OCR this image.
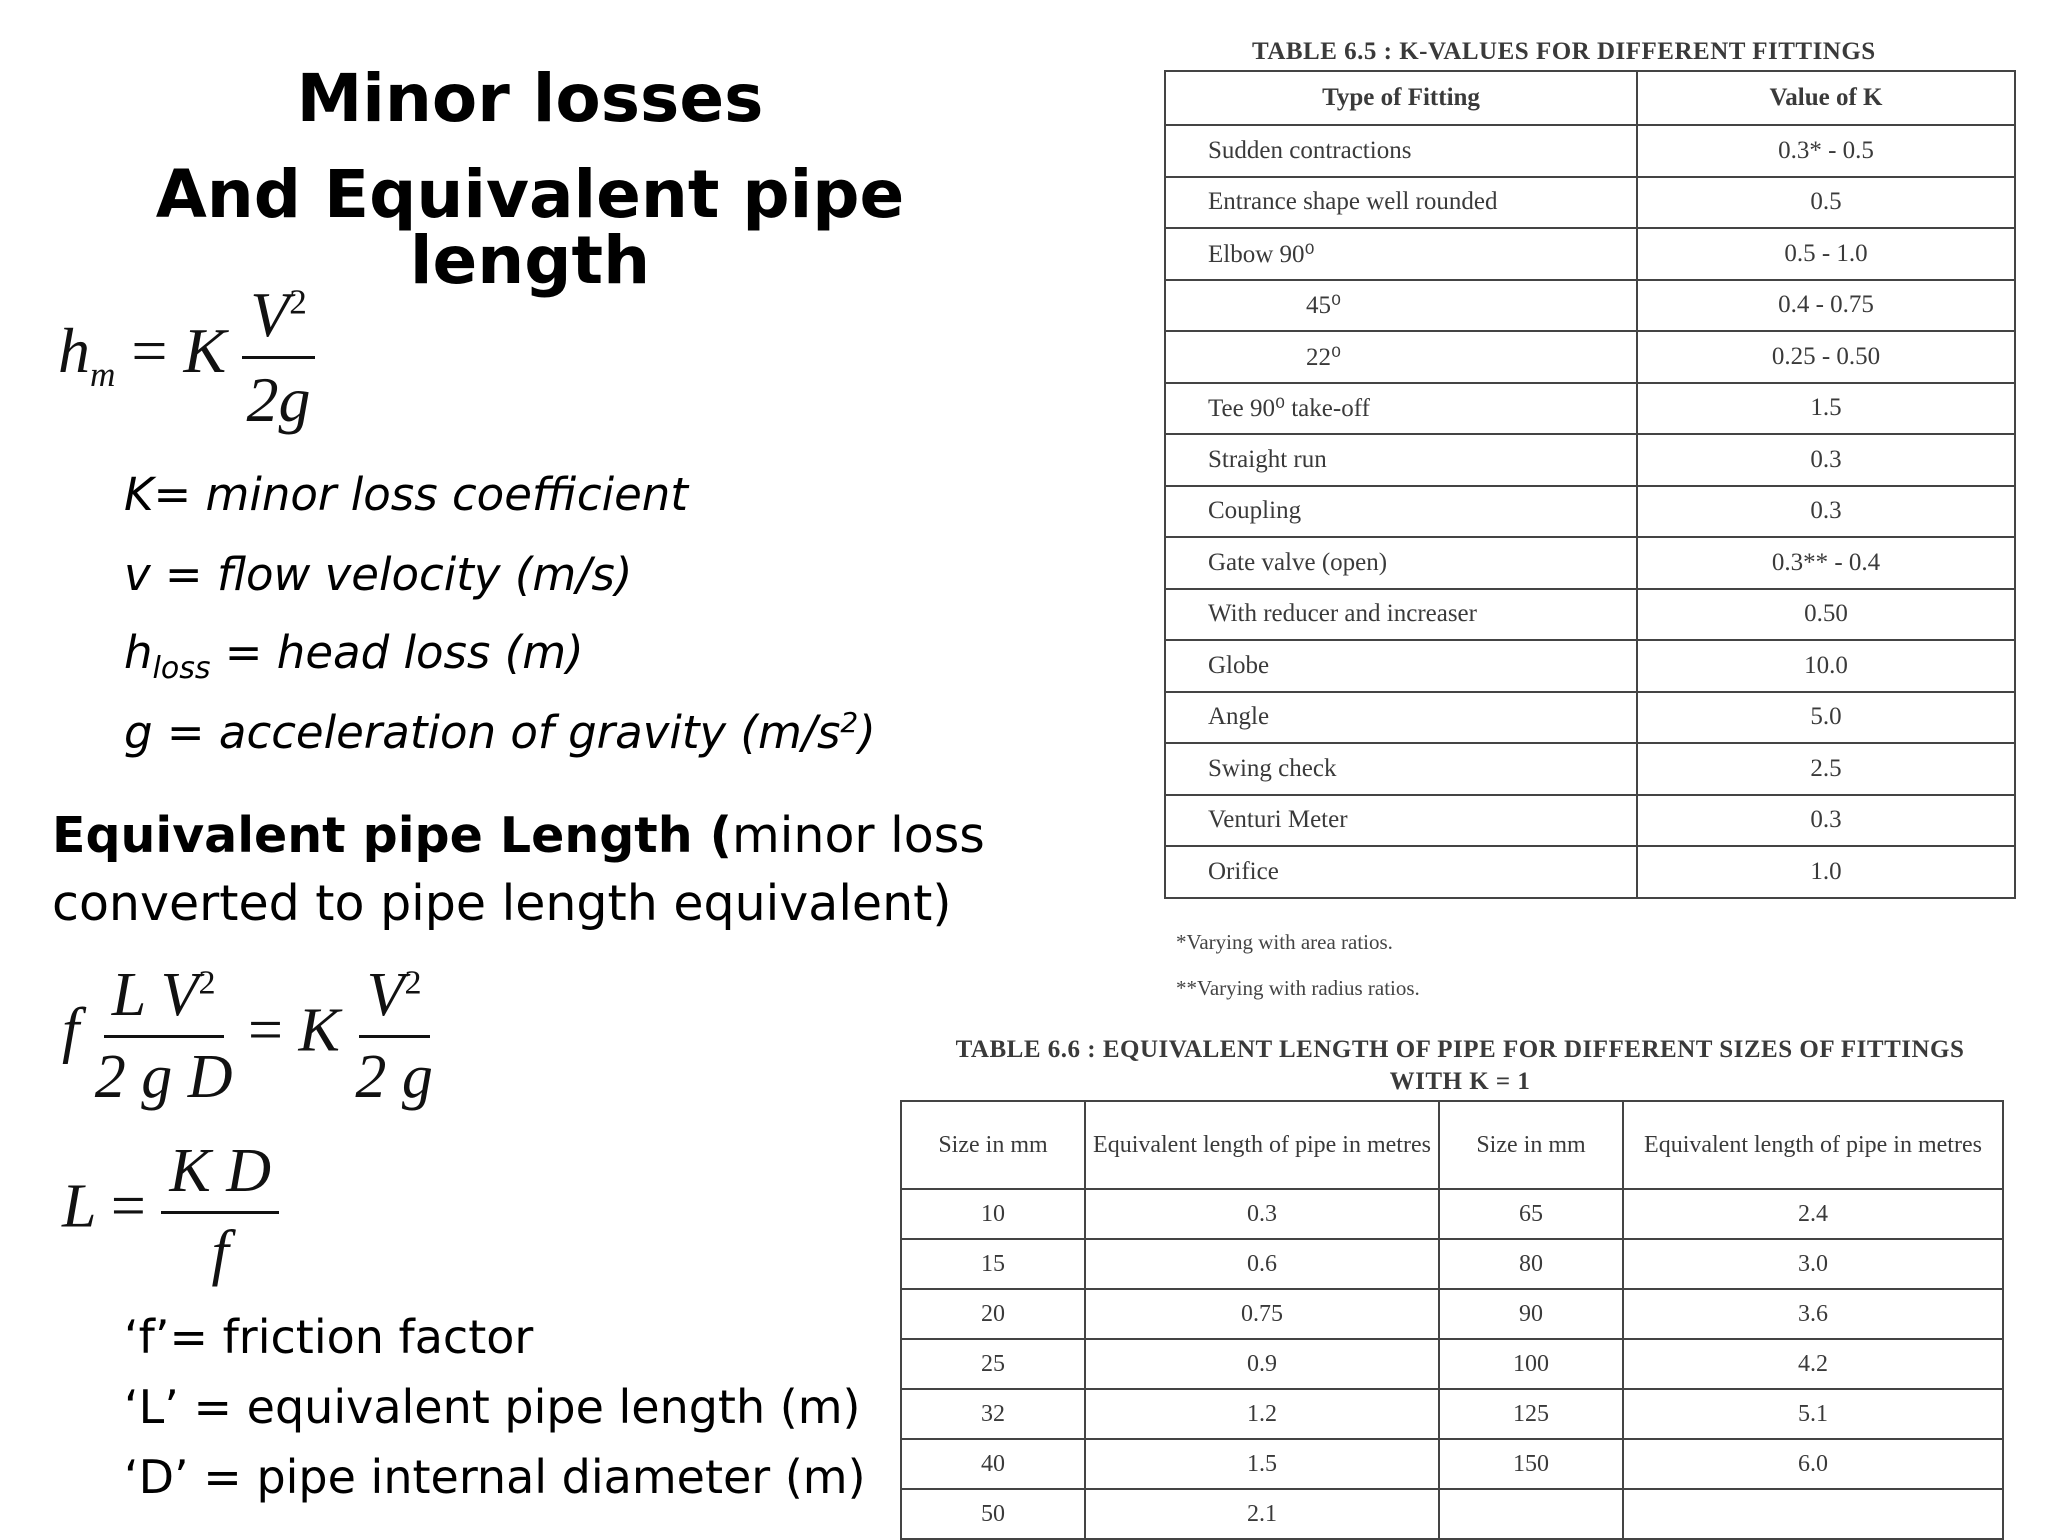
Minor losses
And Equivalent pipe length
$h_m = K \frac{V^2}{2g}$
K= minor loss coefficient
v = flow velocity (m/s)
$h_{loss}$ = head loss (m)
g = acceleration of gravity $(m/s^2)$
Equivalent pipe Length (minor loss
converted to pipe length equivalent)
f $\frac{L V^2}{\text{2 g D}} = K \frac{V^2}{2 g}$
$L = \frac{\text{K D}}{f}$
‘f’= friction factor
‘L’ = equivalent pipe length (m)
‘D’ = pipe internal diameter (m)
TABLE 6.5 : K-VALUES FOR DIFFERENT FITTINGS
Type of Fitting	Value of K
Sudden contractions	0.3* - 0.5
Entrance shape well rounded	0.5
Elbow 90⁰	0.5 - 1.0
45⁰	0.4 - 0.75
22⁰	0.25 - 0.50
Tee 90⁰ take-off	1.5
Straight run	0.3
Coupling	0.3
Gate valve (open)	0.3** - 0.4
With reducer and increaser	0.50
Globe	10.0
Angle	5.0
Swing check	2.5
Venturi Meter	0.3
Orifice	1.0
*Varying with area ratios.
**Varying with radius ratios.
TABLE 6.6 : EQUIVALENT LENGTH OF PIPE FOR DIFFERENT SIZES OF FITTINGS
WITH K = 1
Size in mm	Equivalent length of pipe in metres	Size in mm	Equivalent length of pipe in metres
10	0.3	65	2.4
15	0.6	80	3.0
20	0.75	90	3.6
25	0.9	100	4.2
32	1.2	125	5.1
40	1.5	150	6.0
50	2.1		
